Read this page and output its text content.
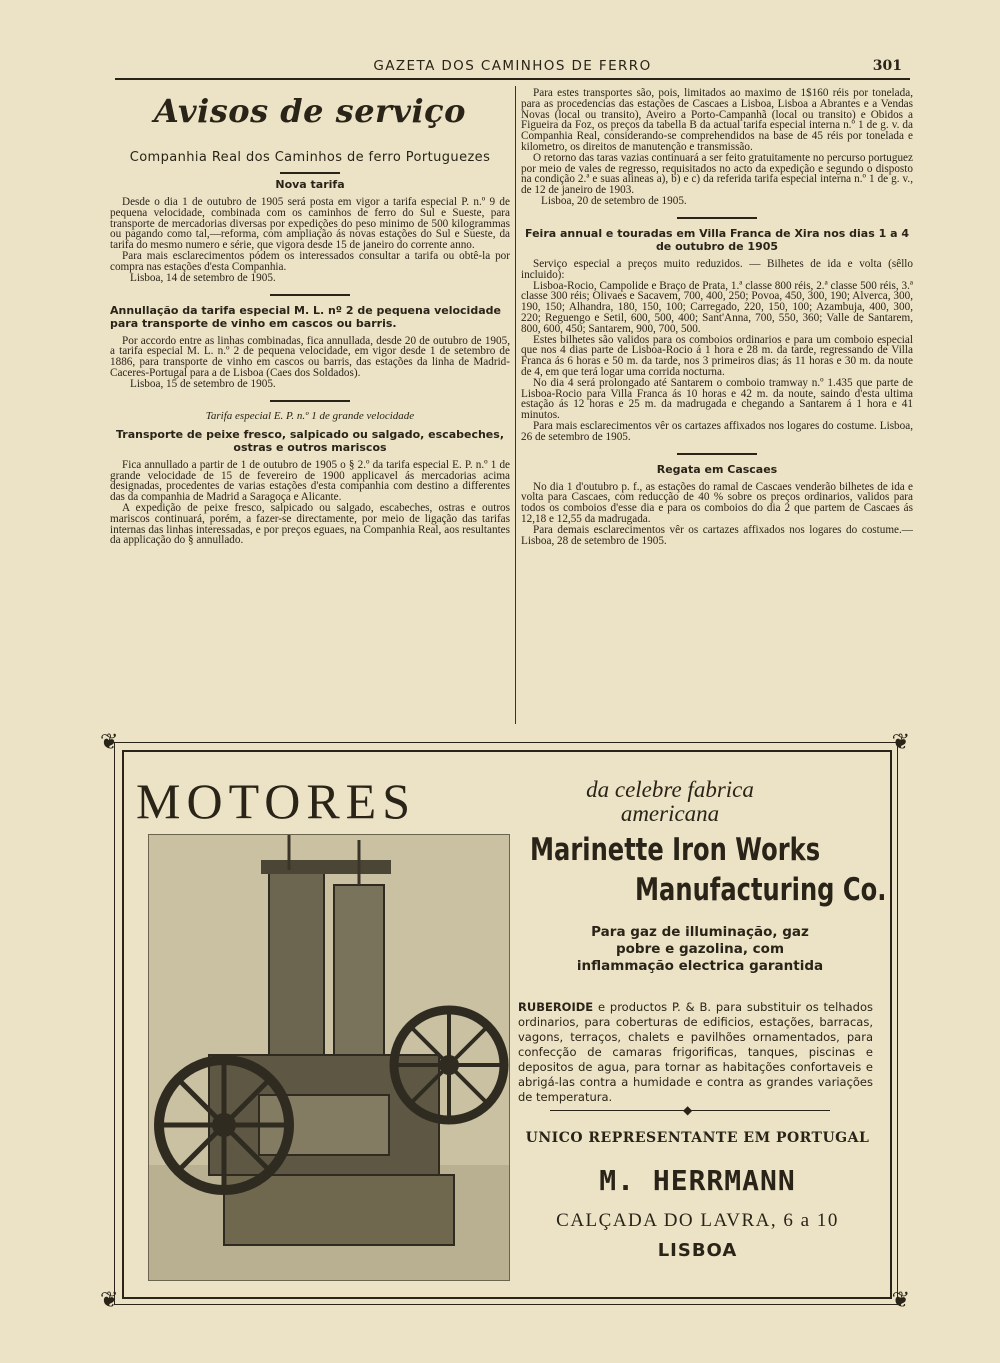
GAZETA DOS CAMINHOS DE FERRO	301
Avisos de serviço
Companhia Real dos Caminhos de ferro Portuguezes
Nova tarifa

Desde o dia 1 de outubro de 1905 será posta em vigor a tarifa especial P. n.º 9 de pequena velocidade, combinada com os caminhos de ferro do Sul e Sueste, para transporte de mercadorias diversas por expedições do peso minimo de 500 kilogrammas ou pagando como tal,—reforma, com ampliação ás novas estações do Sul e Sueste, da tarifa do mesmo numero e série, que vigora desde 15 de janeiro do corrente anno.

Para mais esclarecimentos pódem os interessados consultar a tarifa ou obtê-la por compra nas estações d'esta Companhia.

Lisboa, 14 de setembro de 1905.

Annullação da tarifa especial M. L. nº 2 de pequena velocidade para transporte de vinho em cascos ou barris.

Por accordo entre as linhas combinadas, fica annullada, desde 20 de outubro de 1905, a tarifa especial M. L. n.º 2 de pequena velocidade, em vigor desde 1 de setembro de 1886, para transporte de vinho em cascos ou barris, das estações da linha de Madrid-Caceres-Portugal para a de Lisboa (Caes dos Soldados).

Lisboa, 15 de setembro de 1905.

Tarifa especial E. P. n.º 1 de grande velocidade
Transporte de peixe fresco, salpicado ou salgado, escabeches, ostras e outros mariscos

Fica annullado a partir de 1 de outubro de 1905 o § 2.º da tarifa especial E. P. n.º 1 de grande velocidade de 15 de fevereiro de 1900 applicavel ás mercadorias acima designadas, procedentes de varias estações d'esta companhia com destino a differentes das da companhia de Madrid a Saragoça e Alicante.

A expedição de peixe fresco, salpicado ou salgado, escabeches, ostras e outros mariscos continuará, porém, a fazer-se directamente, por meio de ligação das tarifas internas das linhas interessadas, e por preços eguaes, na Companhia Real, aos resultantes da applicação do § annullado.

Para estes transportes são, pois, limitados ao maximo de 1$160 réis por tonelada, para as procedencias das estações de Cascaes a Lisboa, Lisboa a Abrantes e a Vendas Novas (local ou transito), Aveiro a Porto-Campanhã (local ou transito) e Obidos a Figueira da Foz, os preços da tabella B da actual tarifa especial interna n.º 1 de g. v. da Companhia Real, considerando-se comprehendidos na base de 45 réis por tonelada e kilometro, os direitos de manutenção e transmissão.

O retorno das taras vazias continuará a ser feito gratuitamente no percurso portuguez por meio de vales de regresso, requisitados no acto da expedição e segundo o disposto na condição 2.ª e suas alineas a), b) e c) da referida tarifa especial interna n.º 1 de g. v., de 12 de janeiro de 1903.

Lisboa, 20 de setembro de 1905.

Feira annual e touradas em Villa Franca de Xira nos dias 1 a 4 de outubro de 1905

Serviço especial a preços muito reduzidos. — Bilhetes de ida e volta (sêllo incluido):

Lisboa-Rocio, Campolide e Braço de Prata, 1.ª classe 800 réis, 2.ª classe 500 réis, 3.ª classe 300 réis; Olivaes e Sacavem, 700, 400, 250; Povoa, 450, 300, 190; Alverca, 300, 190, 150; Alhandra, 180, 150, 100; Carregado, 220, 150, 100; Azambuja, 400, 300, 220; Reguengo e Setil, 600, 500, 400; Sant'Anna, 700, 550, 360; Valle de Santarem, 800, 600, 450; Santarem, 900, 700, 500.

Estes bilhetes são validos para os comboios ordinarios e para um comboio especial que nos 4 dias parte de Lisboa-Rocio á 1 hora e 28 m. da tarde, regressando de Villa Franca ás 6 horas e 50 m. da tarde, nos 3 primeiros dias; ás 11 horas e 30 m. da noute de 4, em que terá logar uma corrida nocturna.

No dia 4 será prolongado até Santarem o comboio tramway n.º 1.435 que parte de Lisboa-Rocio para Villa Franca ás 10 horas e 42 m. da noute, saindo d'esta ultima estação ás 12 horas e 25 m. da madrugada e chegando a Santarem á 1 hora e 41 minutos.

Para mais esclarecimentos vêr os cartazes affixados nos logares do costume. Lisboa, 26 de setembro de 1905.

Regata em Cascaes

No dia 1 d'outubro p. f., as estações do ramal de Cascaes venderão bilhetes de ida e volta para Cascaes, com reducção de 40 % sobre os preços ordinarios, validos para todos os comboios d'esse dia e para os comboios do dia 2 que partem de Cascaes ás 12,18 e 12,55 da madrugada.

Para demais esclarecimentos vêr os cartazes affixados nos logares do costume.—Lisboa, 28 de setembro de 1905.

❦	❦
❦	❦
MOTORES	da celebre fabrica americana
Marinette Iron Works
Manufacturing Co.
Para gaz de illuminação, gaz pobre e gazolina, com inflammação electrica garantida
RUBEROIDE e productos P. & B. para substituir os telhados ordinarios, para coberturas de edificios, estações, barracas, vagons, terraços, chalets e pavilhões ornamentados, para confecção de camaras frigorificas, tanques, piscinas e depositos de agua, para tornar as habitações confortaveis e abrigá-las contra a humidade e contra as grandes variações de temperatura.
◆
UNICO REPRESENTANTE EM PORTUGAL
M. HERRMANN
CALÇADA DO LAVRA, 6 a 10
LISBOA
